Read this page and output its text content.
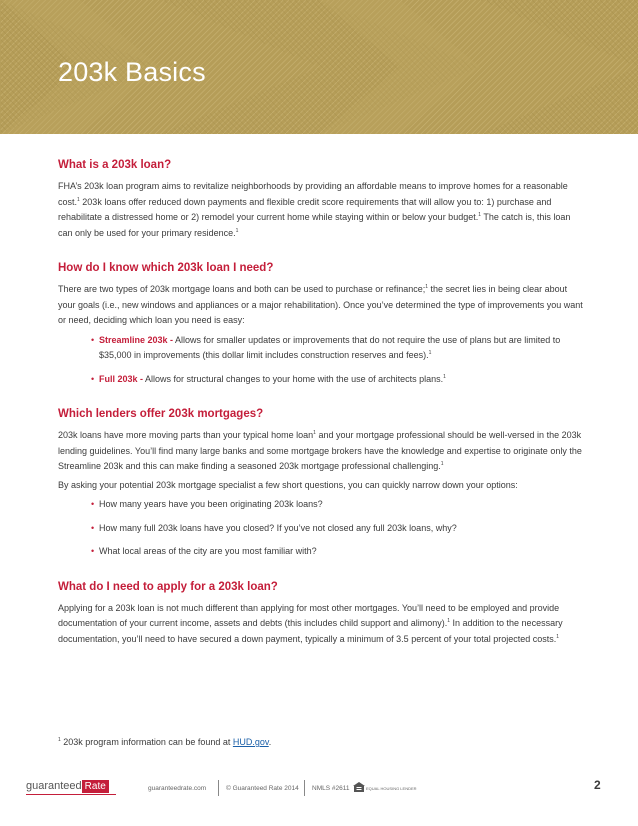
203k Basics
What is a 203k loan?

FHA’s 203k loan program aims to revitalize neighborhoods by providing an affordable means to improve homes for a reasonable cost.$^1$ 203k loans offer reduced down payments and flexible credit score requirements that will allow you to: 1) purchase and rehabilitate a distressed home or 2) remodel your current home while staying within or below your budget.$^1$ The catch is, this loan can only be used for your primary residence.$^1$

How do I know which 203k loan I need?

There are two types of 203k mortgage loans and both can be used to purchase or refinance;$^1$ the secret lies in being clear about your goals (i.e., new windows and appliances or a major rehabilitation). Once you’ve determined the type of improvements you want or need, deciding which loan you need is easy:

• Streamline 203k - Allows for smaller updates or improvements that do not require the use of plans but are limited to $35,000 in improvements (this dollar limit includes construction reserves and fees).$^1$
• Full 203k - Allows for structural changes to your home with the use of architects plans.$^1$
Which lenders offer 203k mortgages?

203k loans have more moving parts than your typical home loan$^1$ and your mortgage professional should be well-versed in the 203k lending guidelines. You’ll find many large banks and some mortgage brokers have the knowledge and expertise to originate only the Streamline 203k and this can make finding a seasoned 203k mortgage professional challenging.$^1$

By asking your potential 203k mortgage specialist a few short questions, you can quickly narrow down your options:

• How many years have you been originating 203k loans?
• How many full 203k loans have you closed? If you’ve not closed any full 203k loans, why?
• What local areas of the city are you most familiar with?
What do I need to apply for a 203k loan?

Applying for a 203k loan is not much different than applying for most other mortgages. You’ll need to be employed and provide documentation of your current income, assets and debts (this includes child support and alimony).$^1$ In addition to the necessary documentation, you’ll need to have secured a down payment, typically a minimum of 3.5 percent of your total projected costs.$^1$

$^1$ 203k program information can be found at HUD.gov.
guaranteed Rate	guaranteedrate.com	© Guaranteed Rate 2014 NMLS #2611	EQUAL HOUSING LENDER	2
